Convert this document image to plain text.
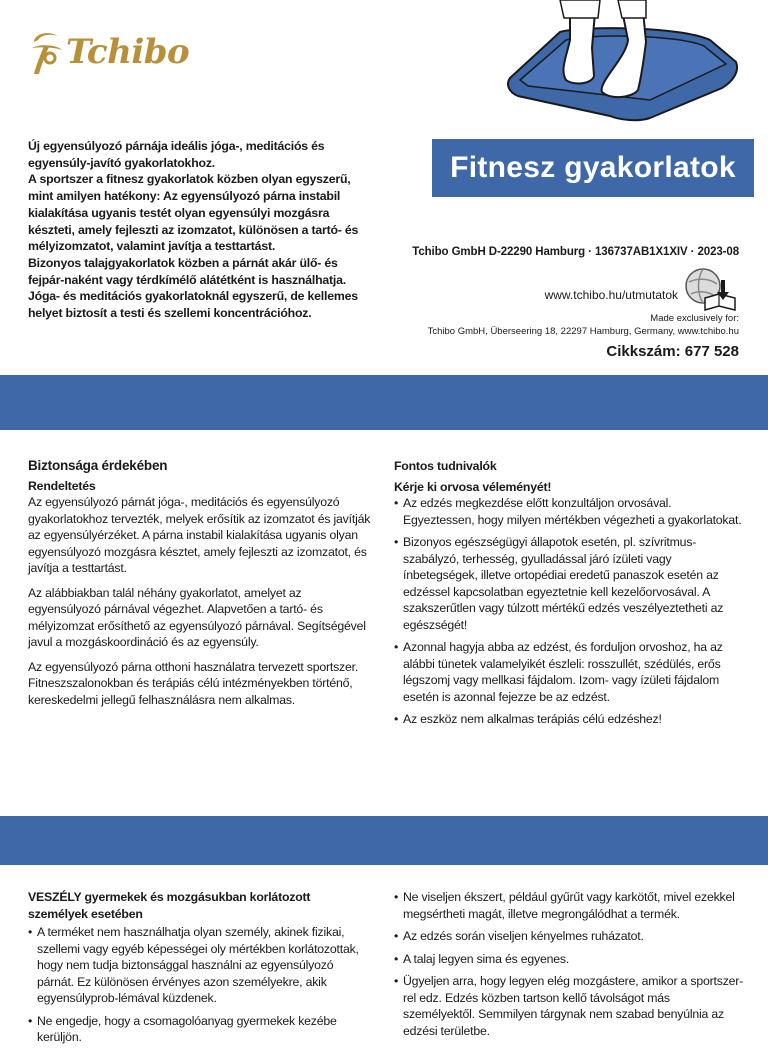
Tchibo

Új egyensúlyozó párnája ideális jóga-, meditációs és egyensúly-javító gyakorlatokhoz.

A sportszer a fitnesz gyakorlatok közben olyan egyszerű, mint amilyen hatékony: Az egyensúlyozó párna instabil kialakítása ugyanis testét olyan egyensúlyi mozgásra készteti, amely fejleszti az izomzatot, különösen a tartó- és mélyizomzatot, valamint javítja a testtartást.

Bizonyos talajgyakorlatok közben a párnát akár ülő- és fejpár-naként vagy térdkímélő alátétként is használhatja.

Jóga- és meditációs gyakorlatoknál egyszerű, de kellemes helyet biztosít a testi és szellemi koncentrációhoz.

Fitnesz gyakorlatok
Tchibo GmbH D-22290 Hamburg · 136737AB1X1XIV · 2023-08
www.tchibo.hu/utmutatok
Made exclusively for:
Tchibo GmbH, Überseering 18, 22297 Hamburg, Germany, www.tchibo.hu
Cikkszám: 677 528
Biztonsága érdekében
Rendeltetés

Az egyensúlyozó párnát jóga-, meditációs és egyensúlyozó gyakorlatokhoz tervezték, melyek erősítik az izomzatot és javítják az egyensúlyérzéket. A párna instabil kialakítása ugyanis olyan egyensúlyozó mozgásra késztet, amely fejleszti az izomzatot, és javítja a testtartást.

Az alábbiakban talál néhány gyakorlatot, amelyet az egyensúlyozó párnával végezhet. Alapvetően a tartó- és mélyizomzat erősíthető az egyensúlyozó párnával. Segítségével javul a mozgáskoordináció és az egyensúly.

Az egyensúlyozó párna otthoni használatra tervezett sportszer. Fitneszszalonokban és terápiás célú intézményekben történő, kereskedelmi jellegű felhasználásra nem alkalmas.

Fontos tudnivalók
Kérje ki orvosa véleményét!
• Az edzés megkezdése előtt konzultáljon orvosával. Egyeztessen, hogy milyen mértékben végezheti a gyakorlatokat.
• Bizonyos egészségügyi állapotok esetén, pl. szívritmus-szabályzó, terhesség, gyulladással járó ízületi vagy ínbetegségek, illetve ortopédiai eredetű panaszok esetén az edzéssel kapcsolatban egyeztetnie kell kezelőorvosával. A szakszerűtlen vagy túlzott mértékű edzés veszélyeztetheti az egészségét!
• Azonnal hagyja abba az edzést, és forduljon orvoshoz, ha az alábbi tünetek valamelyikét észleli: rosszullét, szédülés, erős légszomj vagy mellkasi fájdalom. Izom- vagy ízületi fájdalom esetén is azonnal fejezze be az edzést.
• Az eszköz nem alkalmas terápiás célú edzéshez!
VESZÉLY gyermekek és mozgásukban korlátozott személyek esetében
• A terméket nem használhatja olyan személy, akinek fizikai, szellemi vagy egyéb képességei oly mértékben korlátozottak, hogy nem tudja biztonsággal használni az egyensúlyozó párnát. Ez különösen érvényes azon személyekre, akik egyensúlyprob-lémával küzdenek.
• Ne engedje, hogy a csomagolóanyag gyermekek kezébe kerüljön.
• Ne viseljen ékszert, például gyűrűt vagy karkötőt, mivel ezekkel megsértheti magát, illetve megrongálódhat a termék.
• Az edzés során viseljen kényelmes ruházatot.
• A talaj legyen sima és egyenes.
• Ügyeljen arra, hogy legyen elég mozgástere, amikor a sportszer-rel edz. Edzés közben tartson kellő távolságot más személyektől. Semmilyen tárgynak nem szabad benyúlnia az edzési területbe.
